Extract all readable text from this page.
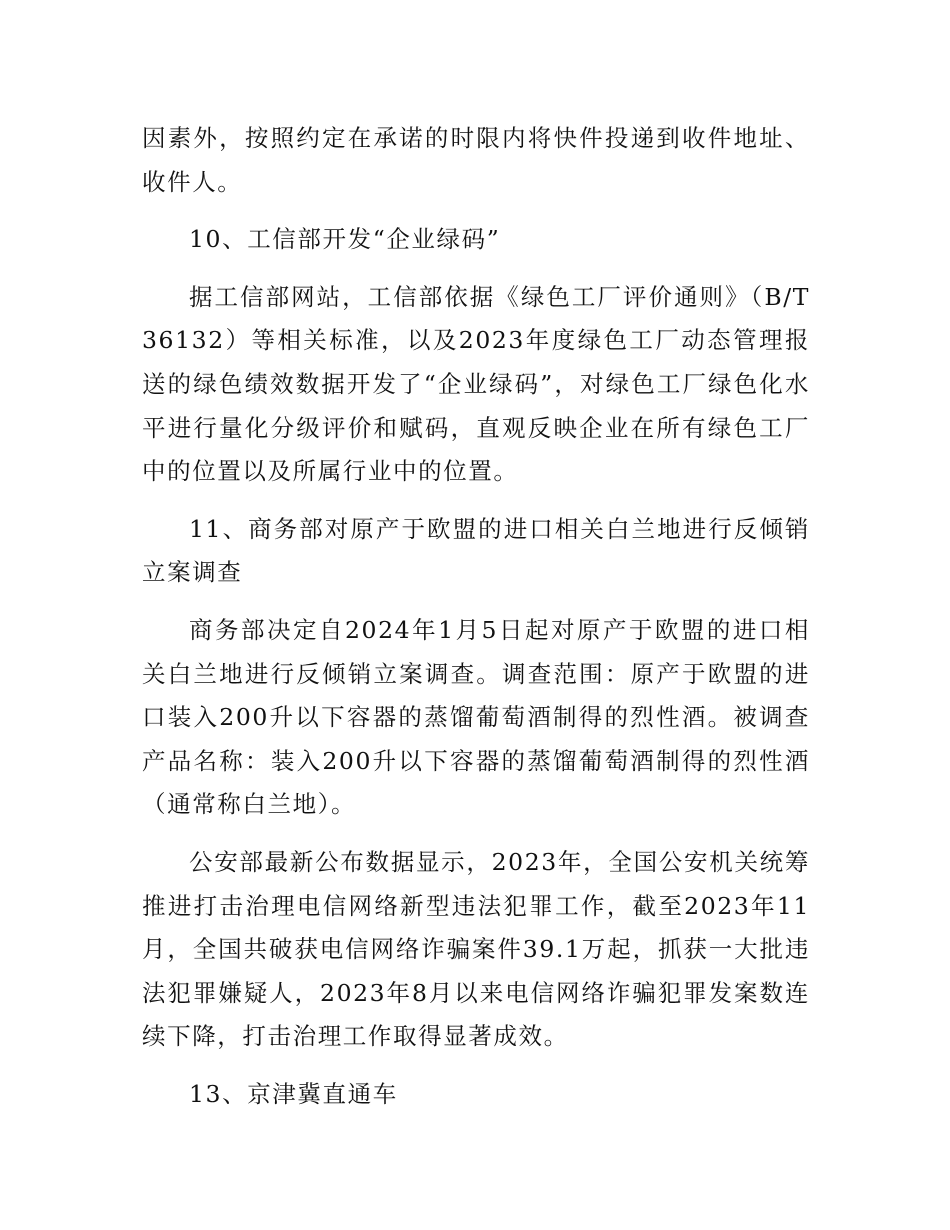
因素外，按照约定在承诺的时限内将快件投递到收件地址、收件人。

10、工信部开发“企业绿码”

据工信部网站，工信部依据《绿色工厂评价通则》（B/T36132）等相关标准，以及2023年度绿色工厂动态管理报送的绿色绩效数据开发了“企业绿码”，对绿色工厂绿色化水平进行量化分级评价和赋码，直观反映企业在所有绿色工厂中的位置以及所属行业中的位置。

11、商务部对原产于欧盟的进口相关白兰地进行反倾销立案调查

商务部决定自2024年1月5日起对原产于欧盟的进口相关白兰地进行反倾销立案调查。调查范围：原产于欧盟的进口装入200升以下容器的蒸馏葡萄酒制得的烈性酒。被调查产品名称：装入200升以下容器的蒸馏葡萄酒制得的烈性酒（通常称白兰地）。

公安部最新公布数据显示，2023年，全国公安机关统筹推进打击治理电信网络新型违法犯罪工作，截至2023年11月，全国共破获电信网络诈骗案件39.1万起，抓获一大批违法犯罪嫌疑人，2023年8月以来电信网络诈骗犯罪发案数连续下降，打击治理工作取得显著成效。

13、京津冀直通车
